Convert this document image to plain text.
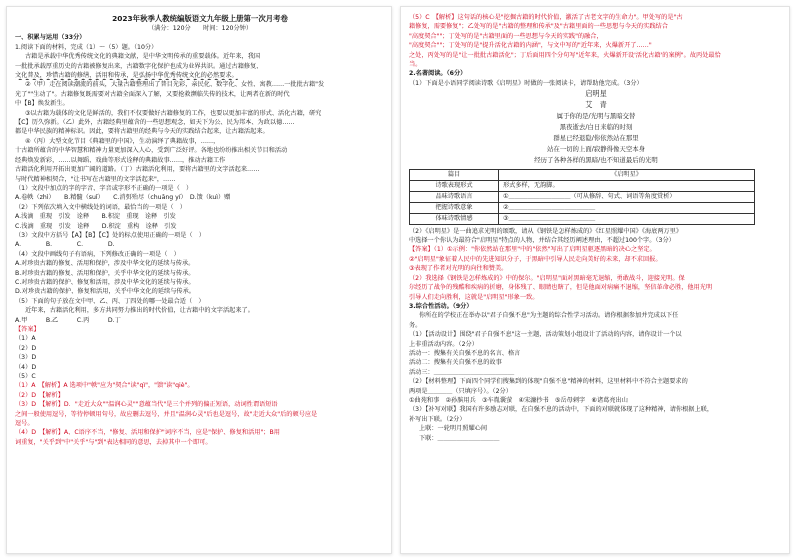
2023年秋季人教统编版语文九年级上册第一次月考卷
（满分：120分　　时间：120分钟）
一、积累与运用（33分）
1.阅读下面的材料，完成（1）～（5）题。（10分）
古籍是承载中华优秀传统文化的典籍文献，是中华文明传承的重要载体。近年来，我国
一批批承载厚重历史的古籍被修复出来，古籍数字化保护也成为业界共识。通过古籍修复、
文化普及，珍惜古籍的修缮、活用和传承，是弘扬中华优秀传统文化的必然要求。
②（甲）走在阅读潮流的前头，大量古籍整理出了普目光彩，亲民化、数字化、女性、寓教……一批批古籍"发
光了""生动了"。古籍修复既需要对古籍全面深入了解，又要抢救濒临失传的技术，让两者在新的时代
中【B】焕发新生。
③以古籍为载体的文化是鲜活的，我们不仅要做好古籍修复的工作，也要以更加丰富的形式、活化古籍，研究
【C】历久弥新。（乙）此外，古籍经典里蕴含的一些思想观念，如天下为公、民为邦本、为政以德……
都是中华民族的精神标识。因此，要将古籍里的经典与今天的实践结合起来，让古籍活起来。
④（丙）大型文化节目《典籍里的中国》，生动演绎了典籍故事，……，
十古籍所蕴含的中华智慧和精神力量更加深入人心，受到广泛好评。各地也纷纷推出相关节目和活动
经典焕发新彩，……以舞蹈、戏曲等形式诠释的典籍故事……，推动古籍工作
古籍活化利用开拓出更加广阔的道路。（丁）古籍活化利用，要将古籍里的文字活起来……
与时代精神相契合，"让书写在古籍里的文字活起来"，……
（1）文段中加点的字的字音、字音或字形不正确的一项是（　）
A.卷帙（zhì）　　B.精髓（suǐ）　　C.消弭殆尽（chuāng yí）　D.馈（kuì）赠
（2）下列依次填入文中横线处的词语，最恰当的一项是（　）
A.浅滴　重现　引发　诠释　　B.积淀　重现　诠释　引发
C.浅滴　重现　引发　诠释　　D.积淀　重构　诠释　引发
（3）文段中方括号【A】【B】【C】处的标点使用正确的一项是（　）
A.　　　　B.　　　　C.　　　　D.
（4）文段中画线句子有语病，下列修改正确的一项是（　）
A.对珍贵古籍的修复、活用和保护，涉及中华文化的延续与传承。
B.对珍贵古籍的修复、活用和保护，关乎中华文化的延续与传承。
C.对珍贵古籍的保护、修复和活用，涉及中华文化的延续与传承。
D.对珍贵古籍的保护、修复和活用，关乎中华文化的延续与传承。
（5）下面的句子放在文中甲、乙、丙、丁四处的哪一处最合适（　）
近年来，古籍活化利用，多方共同努力推出的时代价值，让古籍中的文字活起来了。
A.甲　　　B.乙　　　C.丙　　　D.丁
【答案】
（1）A
（2）D
（3）D
（4）D
（5）C
（1）A　【解析】A 选项中"帙"应为"契合"读"qì"，"馈"读"qiè"。
（2）D　【解析】
（3）D　【解析】D．"走近大众""温润心灵""意蕴当代"是三个并列的偏正短语，动词性谓语短语
之间一般使用逗号，等待停顿用句号，故应删去逗号，并且"温润心灵"后也是逗号，故"走近大众"后的顿号应是
逗号。
（4）D　【解析】A、C语序不当，"修复、活用和保护"词序不当，应是"保护、修复和活用"；B用
词重复，"关乎到"中"关乎"与"到"表达相同的意思，去掉其中一个即可。
（5）C　【解析】这句话的核心是"挖掘古籍的时代价值，激活了古老文字的生命力"。甲处写的是"古
籍修复，需要修复"；乙处写的是"古籍的整理和传承"及"古籍里面的一些思想与今天的实践结合
"高度契合""；丁处写的是"古籍里面的一些思想与今天的实践"的融合，
"高度契合""；丁处写的是"提升活化古籍的内涵"，与文中写的"近年来，火爆新开了……"
之处，丙处写的是"让一批批古籍活化"；丁后面用四个分句写"近年来，火爆新开设'活化古籍'的案例"。故丙处最恰
当。
2.名著阅读。（6分）
（1）下面是小语同学阅读诗歌《启明星》时做的一张阅读卡，请帮助他完成。（3分）
启明星
艾　青
属于你的是/光明与黑暗交替
黑夜逝去/白日来临的时刻
群星已经退隐/你依然站在那里
站在一切的上面/寂静得像天空本身
经历了各种各样的黑暗/也不知道最后的光明
篇目	《启明星》
诗歌表现形式	形式多样，无韵脚。
品味诗歌语言	①＿＿＿＿＿＿＿＿＿＿（可从修辞、句式、词语等角度赏析）
把握诗歌意象	②＿＿＿＿＿＿＿＿＿＿＿＿＿＿
体味诗歌情感	③＿＿＿＿＿＿＿＿＿＿＿＿＿＿
（2）《启明星》是一曲追求光明的颂歌，请从《钢铁是怎样炼成的》《红星照耀中国》《海底两万里》
中选择一个你认为最符合"启明星"特点的人物，并结合其经历阐述理由，不超过100个字。（3分）
【答案】（1）①示例："你依然站在那里"中的"依然"写出了启明星驱逐黑暗的决心之坚定。
②"启明星"象征着人民中的先进知识分子，于黑暗中引导人民走向美好的未来，却不求回报。
③表现了作者对光明的向往和赞美。
（2）我选择《钢铁是怎样炼成的》中的保尔。"启明星"面对黑暗毫无退缩，勇敢战斗，迎接光明。保
尔经历了战争的残酷和疾病的折磨，身体残了、眼睛也瞎了，但是他面对病痛不退缩，坚信革命必胜，他用光明
引导人们走向胜利，这就是"启明星"形象一致。
3.综合性活动。（9分）
你所在的学校正在举办以"君子自强不息"为主题的综合性学习活动。请你根据参加并完成以下任
务。
（1）【活动设计】围绕"君子自强不息"这一主题，活动策划小组设计了活动的内容，请你设计一个以
上非重活动内容。（2分）
活动一：搜集有关自强不息的名言、格言
活动二：搜集有关自强不息的故事
活动三：＿＿＿＿＿＿＿＿＿＿＿＿＿
（2）【材料整理】下面四个同学们搜集到的体现"自强不息"精神的材料，这里材料中不符合主题要求的
两项是＿＿＿＿（只填序号）。（2分）
①曲苑和事　②孙膑用兵　③车胤囊萤　④宋濂抄书　⑤岳母刺字　⑥诸葛亮出山
（3）【补写对联】我国有许多励志对联，在自强不息的活动中，下面的对联就体现了这种精神，请你根据上联，
补写出下联。（2分）
上联：一轮明月照耀心间
下联：＿＿＿＿＿＿＿＿＿＿
